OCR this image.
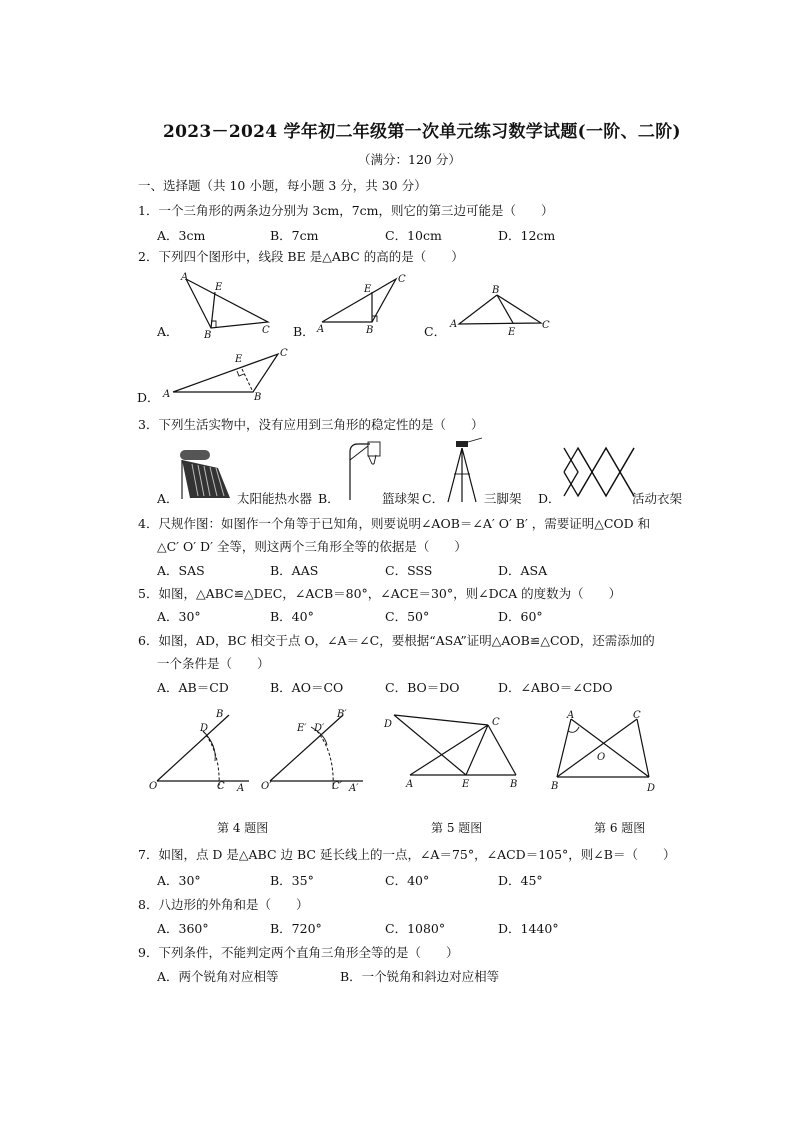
2023－2024 学年初二年级第一次单元练习数学试题(一阶、二阶)
（满分：120 分）
一、选择题（共 10 小题，每小题 3 分，共 30 分）
1．一个三角形的两条边分别为 3cm，7cm，则它的第三边可能是（　　）
A．3cm	B．7cm	C．10cm	D．12cm
2．下列四个图形中，线段 BE 是△ABC 的高的是（　　）
A．
A
E
B	C B．
C
E
A	B	C．
B
A
E
C
D．
C
E
A	B
3．下列生活实物中，没有应用到三角形的稳定性的是（　　）
A．	太阳能热水器 B．	篮球架 C．	三脚架 D．	活动衣架
4．尺规作图：如图作一个角等于已知角，则要说明∠AOB＝∠A′ O′ B′ ，需要证明△COD 和
△C′ O′ D′ 全等，则这两个三角形全等的依据是（　　）
A．SAS	B．AAS	C．SSS	D．ASA
5．如图，△ABC≌△DEC，∠ACB＝80°，∠ACE＝30°，则∠DCA 的度数为（　　）
A．30°	B．40°	C．50°	D．60°
6．如图，AD，BC 相交于点 O，∠A＝∠C，要根据“ASA”证明△AOB≌△COD，还需添加的
一个条件是（　　）
A．AB＝CD	B．AO＝CO	C．BO＝DO	D．∠ABO＝∠CDO
B
D
O	C A
B′
E′ D′
O′	C′ A′
D	C
A	E	B
A	C
O
B	D
第 4 题图	第 5 题图	第 6 题图
7．如图，点 D 是△ABC 边 BC 延长线上的一点，∠A＝75°，∠ACD＝105°，则∠B＝（　　）
A．30°	B．35°	C．40°	D．45°
8．八边形的外角和是（　　）
A．360°	B．720°	C．1080°	D．1440°
9．下列条件，不能判定两个直角三角形全等的是（　　）
A．两个锐角对应相等	B．一个锐角和斜边对应相等
